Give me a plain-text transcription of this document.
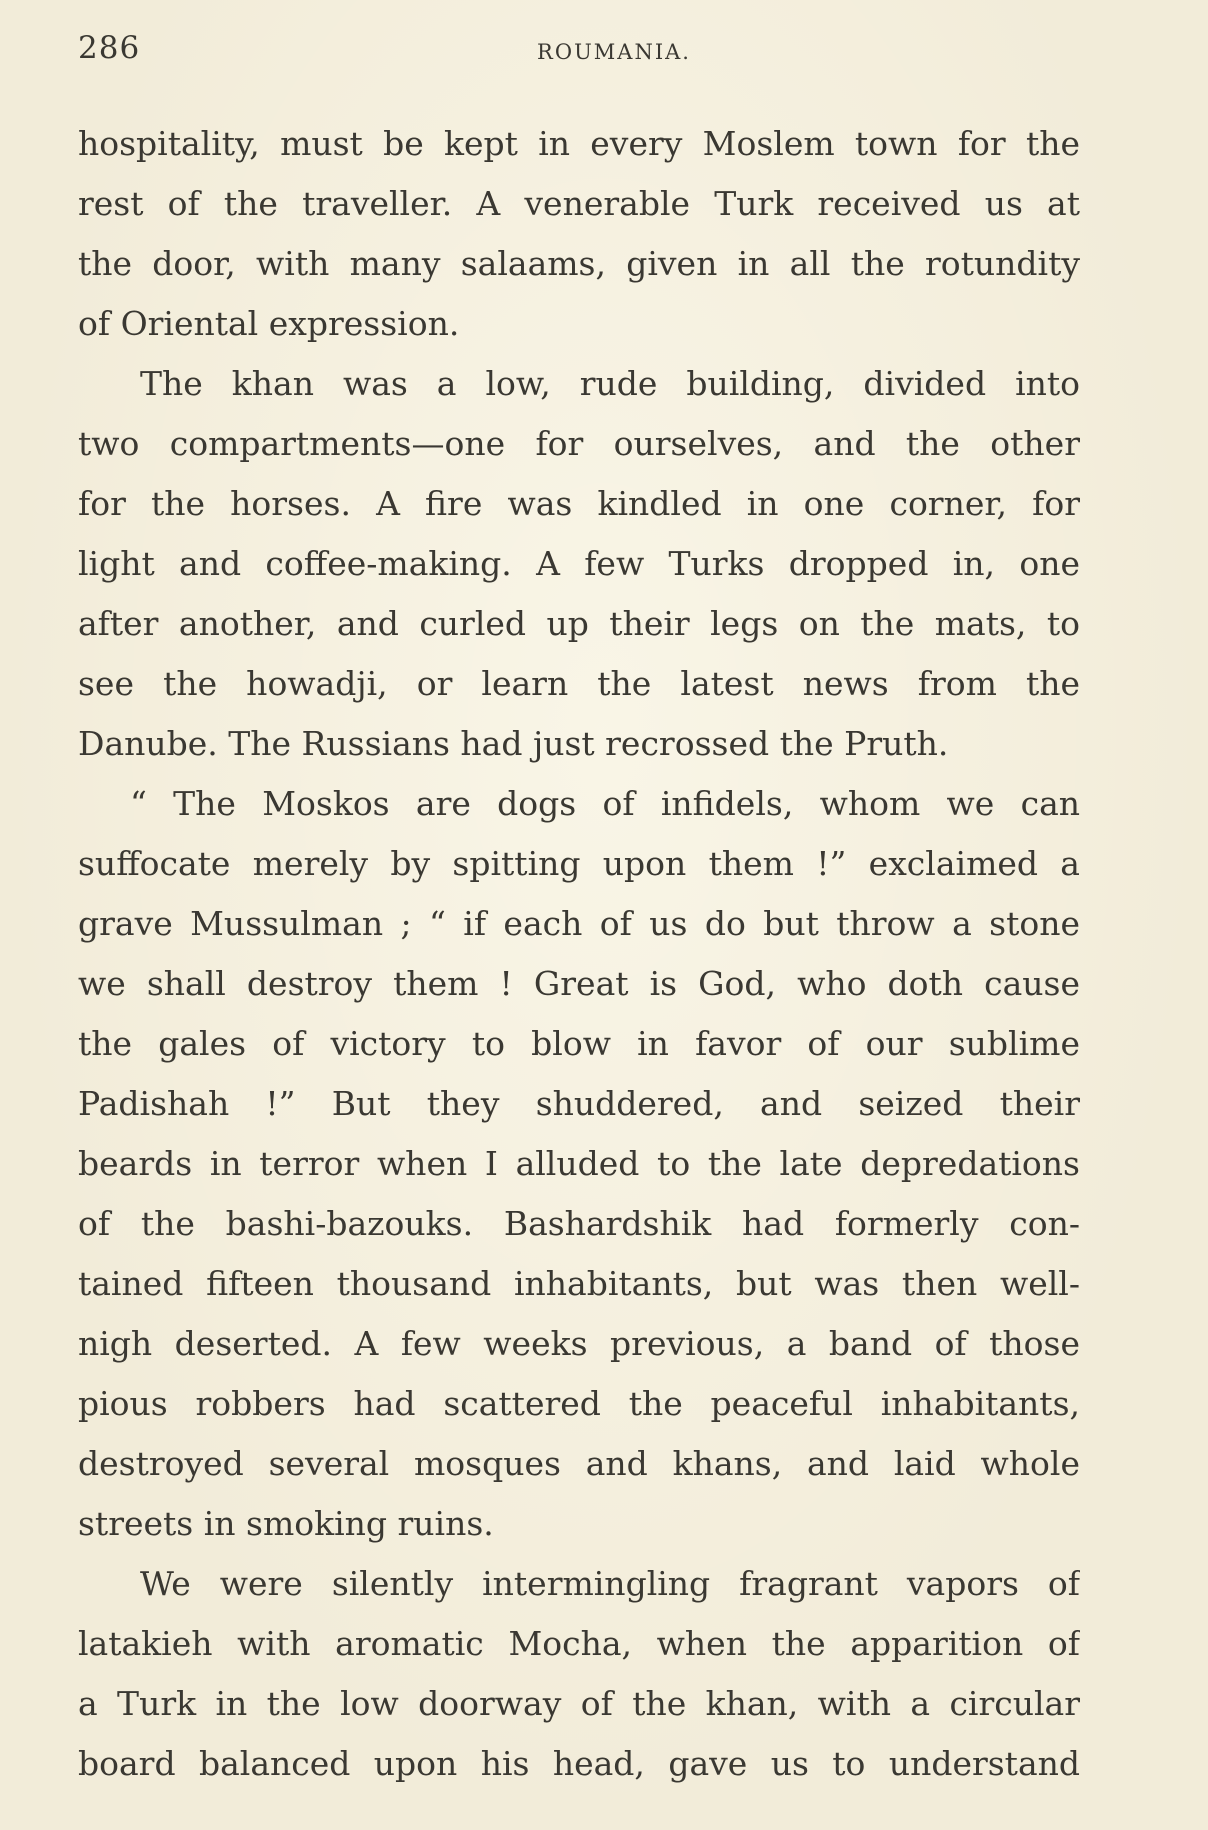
286	ROUMANIA.
hospitality, must be kept in every Moslem town for the
rest of the traveller. A venerable Turk received us at
the door, with many salaams, given in all the rotundity
of Oriental expression.
The khan was a low, rude building, divided into
two compartments—one for ourselves, and the other
for the horses. A fire was kindled in one corner, for
light and coffee-making. A few Turks dropped in, one
after another, and curled up their legs on the mats, to
see the howadji, or learn the latest news from the
Danube. The Russians had just recrossed the Pruth.
“ The Moskos are dogs of infidels, whom we can
suffocate merely by spitting upon them !” exclaimed a
grave Mussulman ; “ if each of us do but throw a stone
we shall destroy them ! Great is God, who doth cause
the gales of victory to blow in favor of our sublime
Padishah !” But they shuddered, and seized their
beards in terror when I alluded to the late depredations
of the bashi-bazouks. Bashardshik had formerly con-
tained fifteen thousand inhabitants, but was then well-
nigh deserted. A few weeks previous, a band of those
pious robbers had scattered the peaceful inhabitants,
destroyed several mosques and khans, and laid whole
streets in smoking ruins.
We were silently intermingling fragrant vapors of
latakieh with aromatic Mocha, when the apparition of
a Turk in the low doorway of the khan, with a circular
board balanced upon his head, gave us to understand
